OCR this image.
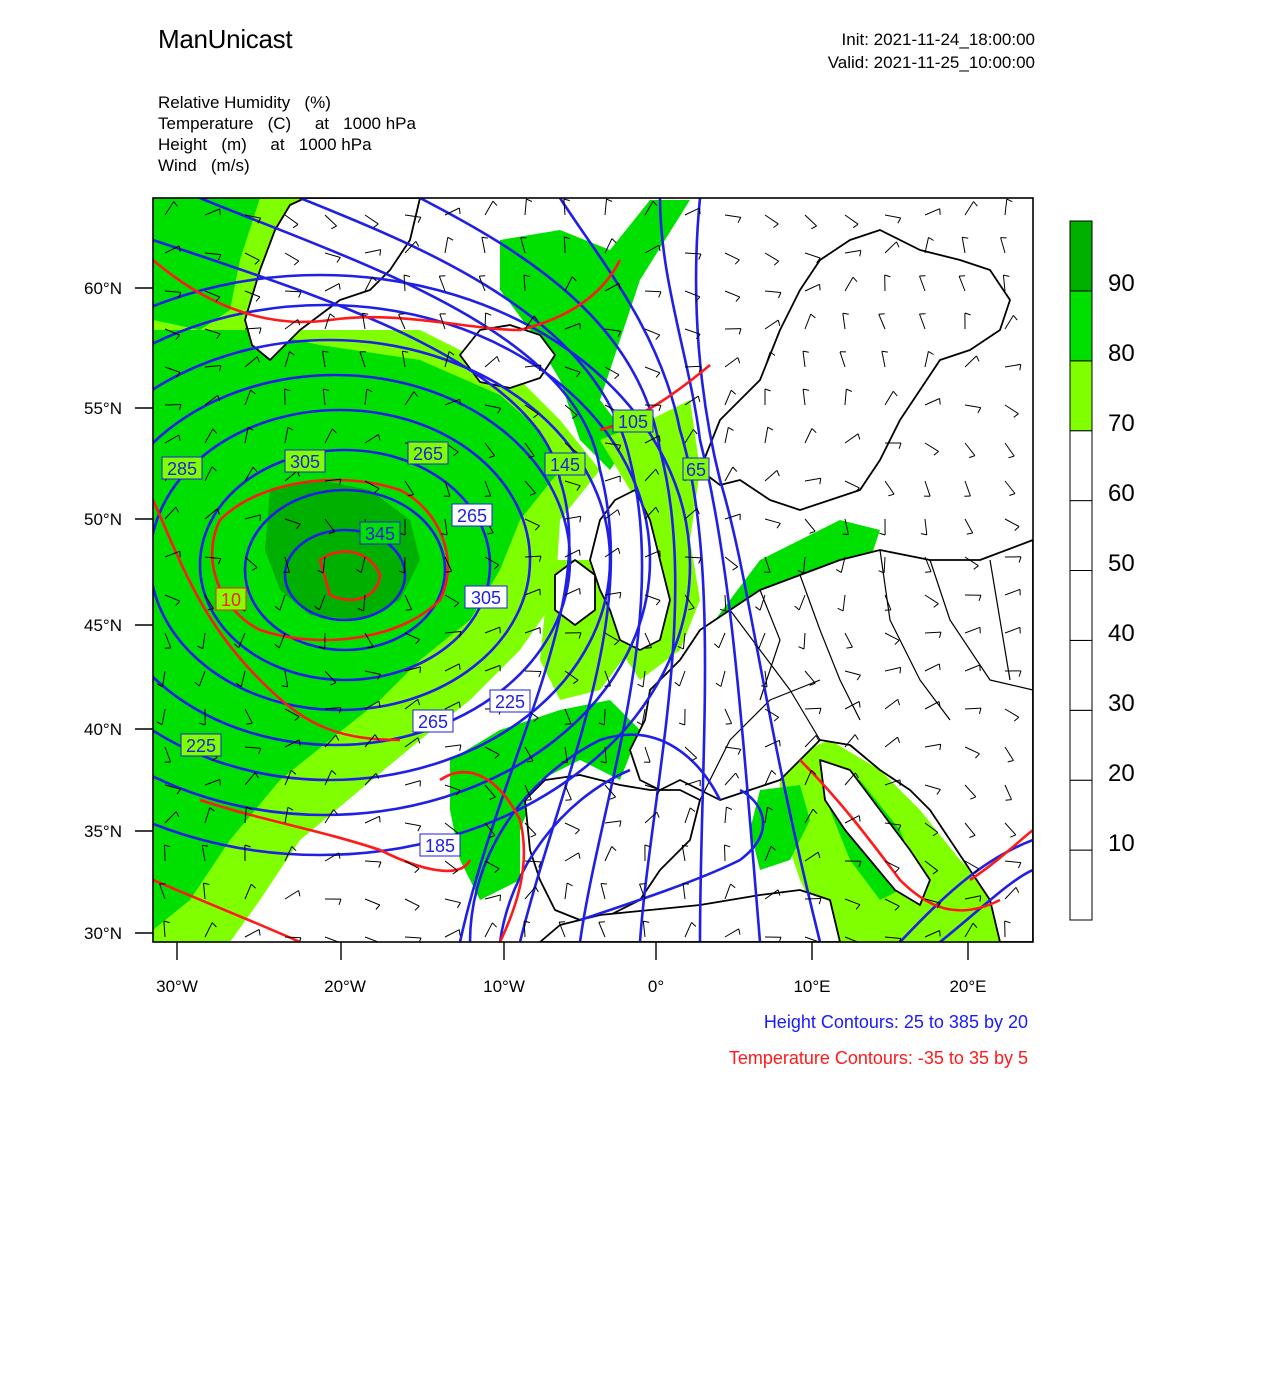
ManUnicast	Init: 2021-11-24_18:00:00
Valid: 2021-11-25_10:00:00
Relative Humidity   (%)
Temperature   (C)     at   1000 hPa
Height   (m)     at   1000 hPa
Wind   (m/s)
285	305
265
345
305
265
225
265
225
185
145
105
65
10
60°N
55°N
50°N
45°N
40°N
35°N
30°N
30°W	20°W	10°W	0°	10°E	20°E
90
80
70
60
50
40
30
20
10
Height Contours: 25 to 385 by 20
Temperature Contours: -35 to 35 by 5
